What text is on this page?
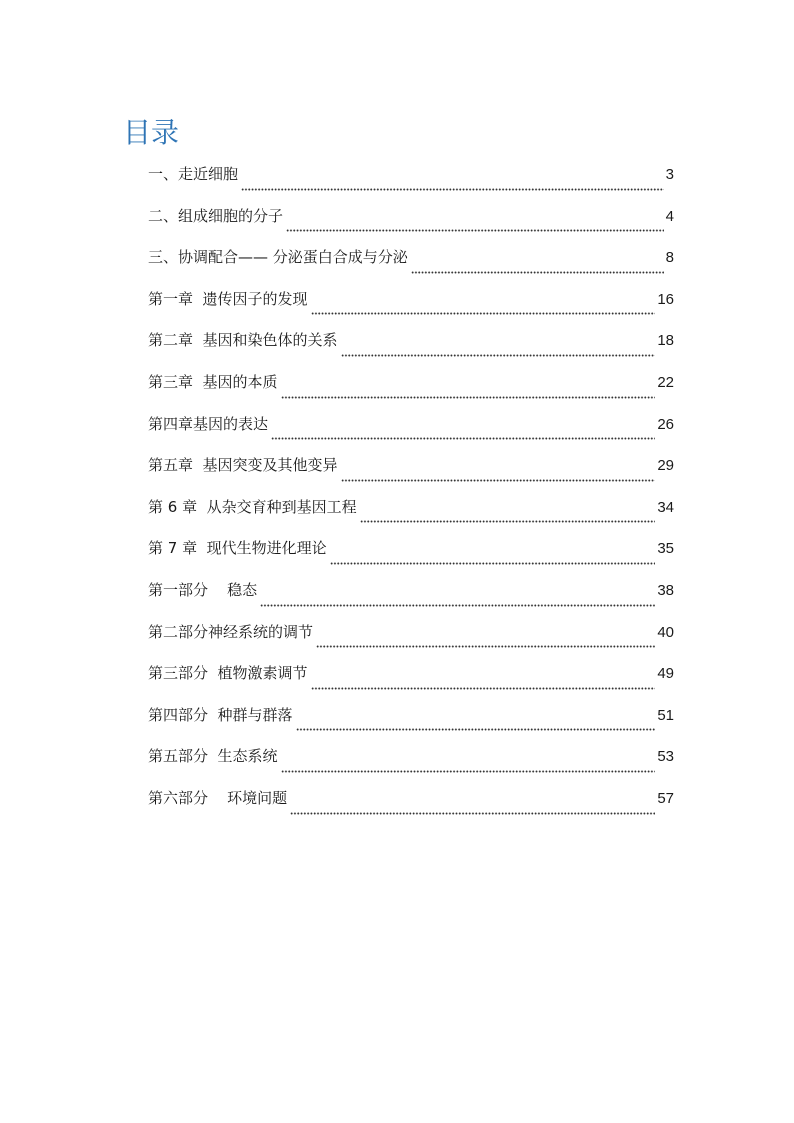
目录
一、走近细胞	3
二、组成细胞的分子	4
三、协调配合—— 分泌蛋白合成与分泌	8
第一章  遗传因子的发现	16
第二章  基因和染色体的关系	18
第三章  基因的本质	22
第四章基因的表达	26
第五章  基因突变及其他变异	29
第 6 章  从杂交育种到基因工程	34
第 7 章  现代生物进化理论	35
第一部分    稳态	38
第二部分神经系统的调节	40
第三部分  植物激素调节	49
第四部分  种群与群落	51
第五部分  生态系统	53
第六部分    环境问题	57
